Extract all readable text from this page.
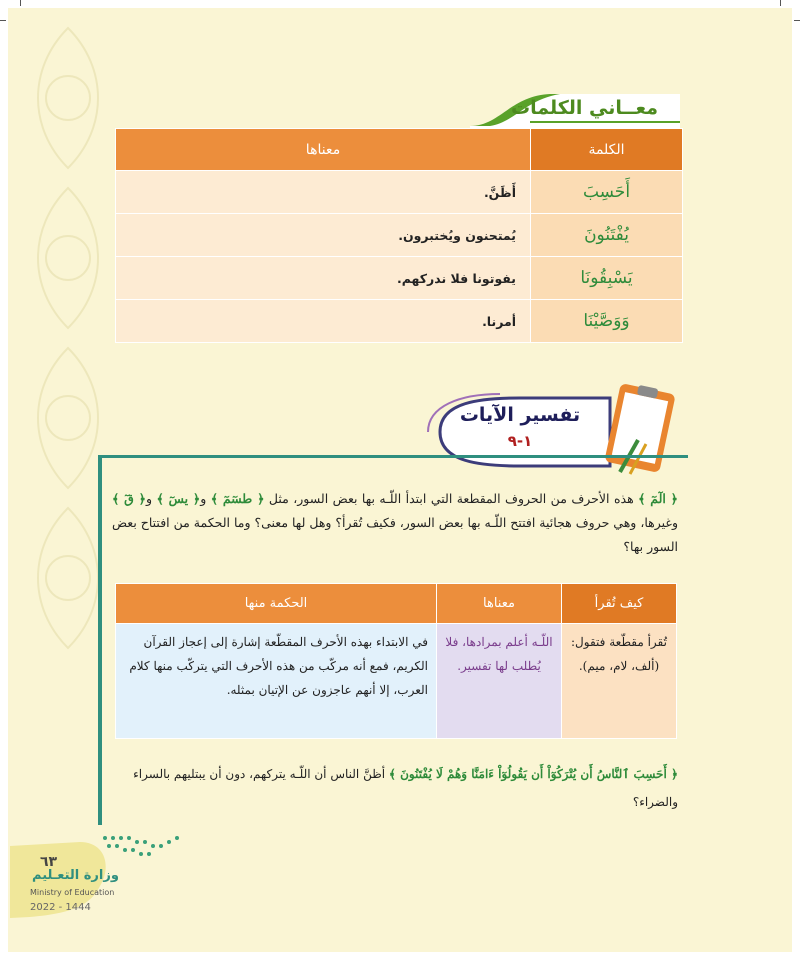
معــاني الكلمات
الكلمة	معناها
أَحَسِبَ	أَظَنَّ.
يُفْتَنُونَ	يُمتحنون ويُختبرون.
يَسْبِقُونَا	يفوتونا فلا ندركهم.
وَوَصَّيْنَا	أمرنا.
تفسير الآيات
١-٩

﴿ الٓمٓ ﴾ هذه الأحرف من الحروف المقطعة التي ابتدأ اللّـه بها بعض السور، مثل ﴿ طسٓمٓ ﴾ و﴿ يسٓ ﴾ و﴿ قٓ ﴾ وغيرها، وهي حروف هجائية افتتح اللّـه بها بعض السور، فكيف تُقرأ؟ وهل لها معنى؟ وما الحكمة من افتتاح بعض السور بها؟

كيف تُقرأ	معناها	الحكمة منها
تُقرأ مقطّعة فتقول: (ألف، لام، ميم).	اللّـه أعلم بمرادها، فلا يُطلب لها تفسير.	في الابتداء بهذه الأحرف المقطّعة إشارة إلى إعجاز القرآن الكريم، فمع أنه مركّب من هذه الأحرف التي يتركّب منها كلام العرب، إلا أنهم عاجزون عن الإتيان بمثله.

﴿ أَحَسِبَ ٱلنَّاسُ أَن يُتْرَكُوٓاْ أَن يَقُولُوٓاْ ءَامَنَّا وَهُمْ لَا يُفْتَنُونَ ﴾ أظنَّ الناس أن اللّـه يتركهم، دون أن يبتليهم بالسراء والضراء؟

٦٣
وزارة التعـليم
Ministry of Education
2022 - 1444
